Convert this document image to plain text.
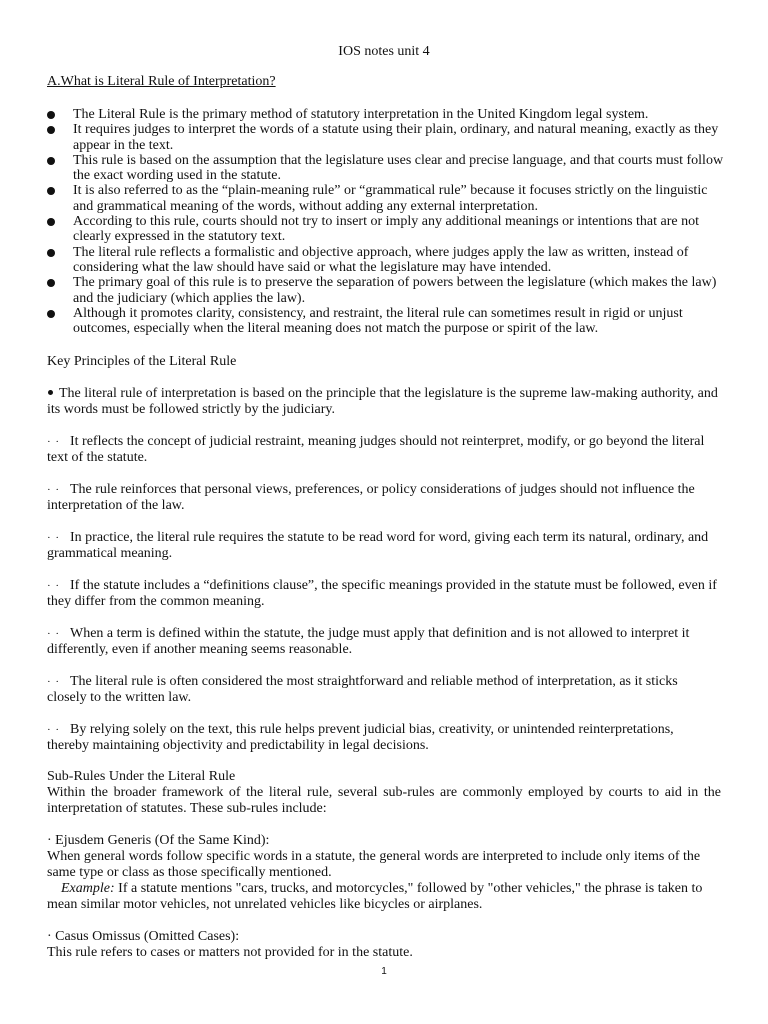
IOS notes unit 4
A.What is Literal Rule of Interpretation?
The Literal Rule is the primary method of statutory interpretation in the United Kingdom legal system.
It requires judges to interpret the words of a statute using their plain, ordinary, and natural meaning, exactly as they appear in the text.
This rule is based on the assumption that the legislature uses clear and precise language, and that courts must follow the exact wording used in the statute.
It is also referred to as the “plain-meaning rule” or “grammatical rule” because it focuses strictly on the linguistic and grammatical meaning of the words, without adding any external interpretation.
According to this rule, courts should not try to insert or imply any additional meanings or intentions that are not clearly expressed in the statutory text.
The literal rule reflects a formalistic and objective approach, where judges apply the law as written, instead of considering what the law should have said or what the legislature may have intended.
The primary goal of this rule is to preserve the separation of powers between the legislature (which makes the law) and the judiciary (which applies the law).
Although it promotes clarity, consistency, and restraint, the literal rule can sometimes result in rigid or unjust outcomes, especially when the literal meaning does not match the purpose or spirit of the law.
Key Principles of the Literal Rule

The literal rule of interpretation is based on the principle that the legislature is the supreme law-making authority, and its words must be followed strictly by the judiciary.

· · It reflects the concept of judicial restraint, meaning judges should not reinterpret, modify, or go beyond the literal text of the statute.

· · The rule reinforces that personal views, preferences, or policy considerations of judges should not influence the interpretation of the law.

· · In practice, the literal rule requires the statute to be read word for word, giving each term its natural, ordinary, and grammatical meaning.

· · If the statute includes a “definitions clause”, the specific meanings provided in the statute must be followed, even if they differ from the common meaning.

· · When a term is defined within the statute, the judge must apply that definition and is not allowed to interpret it differently, even if another meaning seems reasonable.

· · The literal rule is often considered the most straightforward and reliable method of interpretation, as it sticks closely to the written law.

· · By relying solely on the text, this rule helps prevent judicial bias, creativity, or unintended reinterpretations, thereby maintaining objectivity and predictability in legal decisions.

Sub-Rules Under the Literal Rule
Within the broader framework of the literal rule, several sub-rules are commonly employed by courts to aid in the interpretation of statutes. These sub-rules include:
· Ejusdem Generis (Of the Same Kind):
When general words follow specific words in a statute, the general words are interpreted to include only items of the same type or class as those specifically mentioned.
Example: If a statute mentions "cars, trucks, and motorcycles," followed by "other vehicles," the phrase is taken to mean similar motor vehicles, not unrelated vehicles like bicycles or airplanes.
· Casus Omissus (Omitted Cases):
This rule refers to cases or matters not provided for in the statute.
1
